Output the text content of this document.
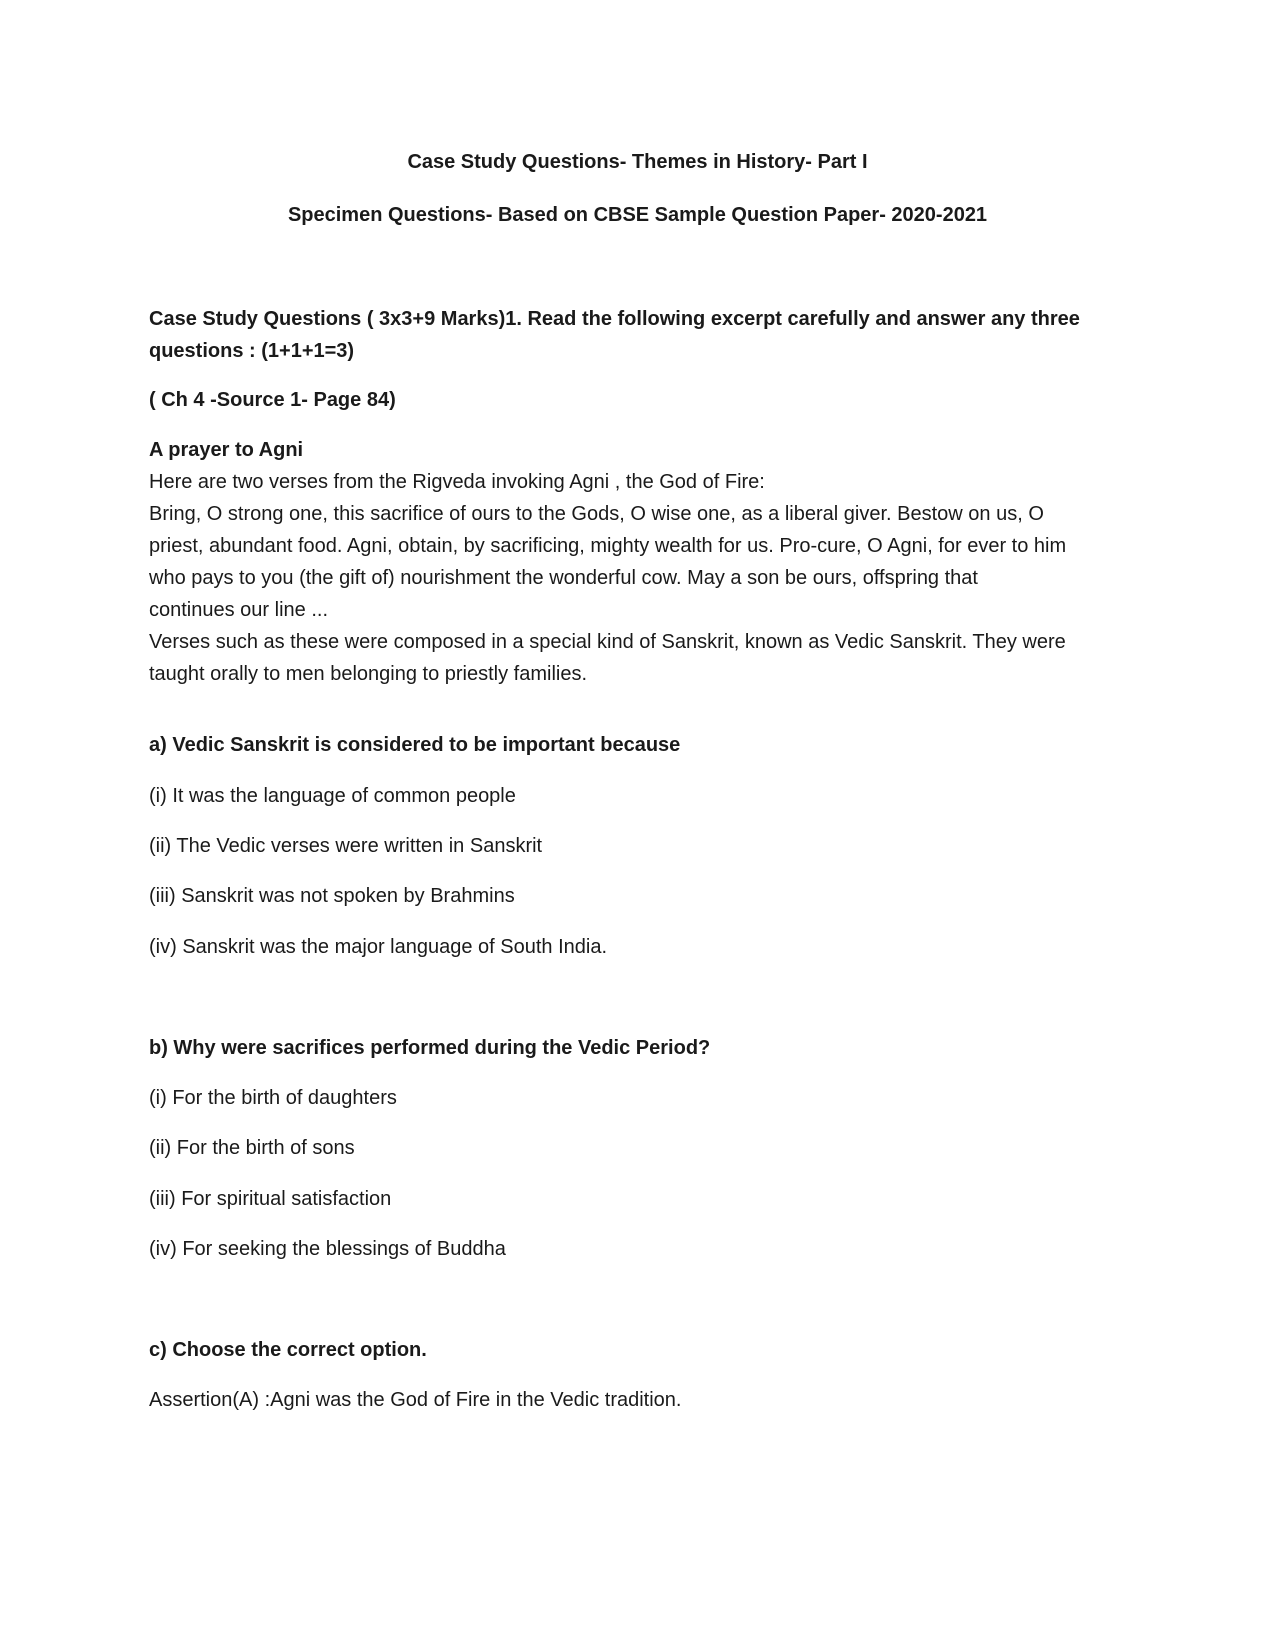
Case Study Questions- Themes in History- Part I
Specimen Questions- Based on CBSE Sample Question Paper- 2020-2021
Case Study Questions ( 3x3+9 Marks)1. Read the following excerpt carefully and answer any three
questions : (1+1+1=3)
( Ch 4 -Source 1- Page 84)
A prayer to Agni
Here are two verses from the Rigveda invoking Agni , the God of Fire:
Bring, O strong one, this sacrifice of ours to the Gods, O wise one, as a liberal giver. Bestow on us, O
priest, abundant food. Agni, obtain, by sacrificing, mighty wealth for us. Pro-cure, O Agni, for ever to him
who pays to you (the gift of) nourishment the wonderful cow. May a son be ours, offspring that
continues our line ...
Verses such as these were composed in a special kind of Sanskrit, known as Vedic Sanskrit. They were
taught orally to men belonging to priestly families.
a) Vedic Sanskrit is considered to be important because
(i) It was the language of common people
(ii) The Vedic verses were written in Sanskrit
(iii) Sanskrit was not spoken by Brahmins
(iv) Sanskrit was the major language of South India.
b) Why were sacrifices performed during the Vedic Period?
(i) For the birth of daughters
(ii) For the birth of sons
(iii) For spiritual satisfaction
(iv) For seeking the blessings of Buddha
c) Choose the correct option.
Assertion(A) :Agni was the God of Fire in the Vedic tradition.
